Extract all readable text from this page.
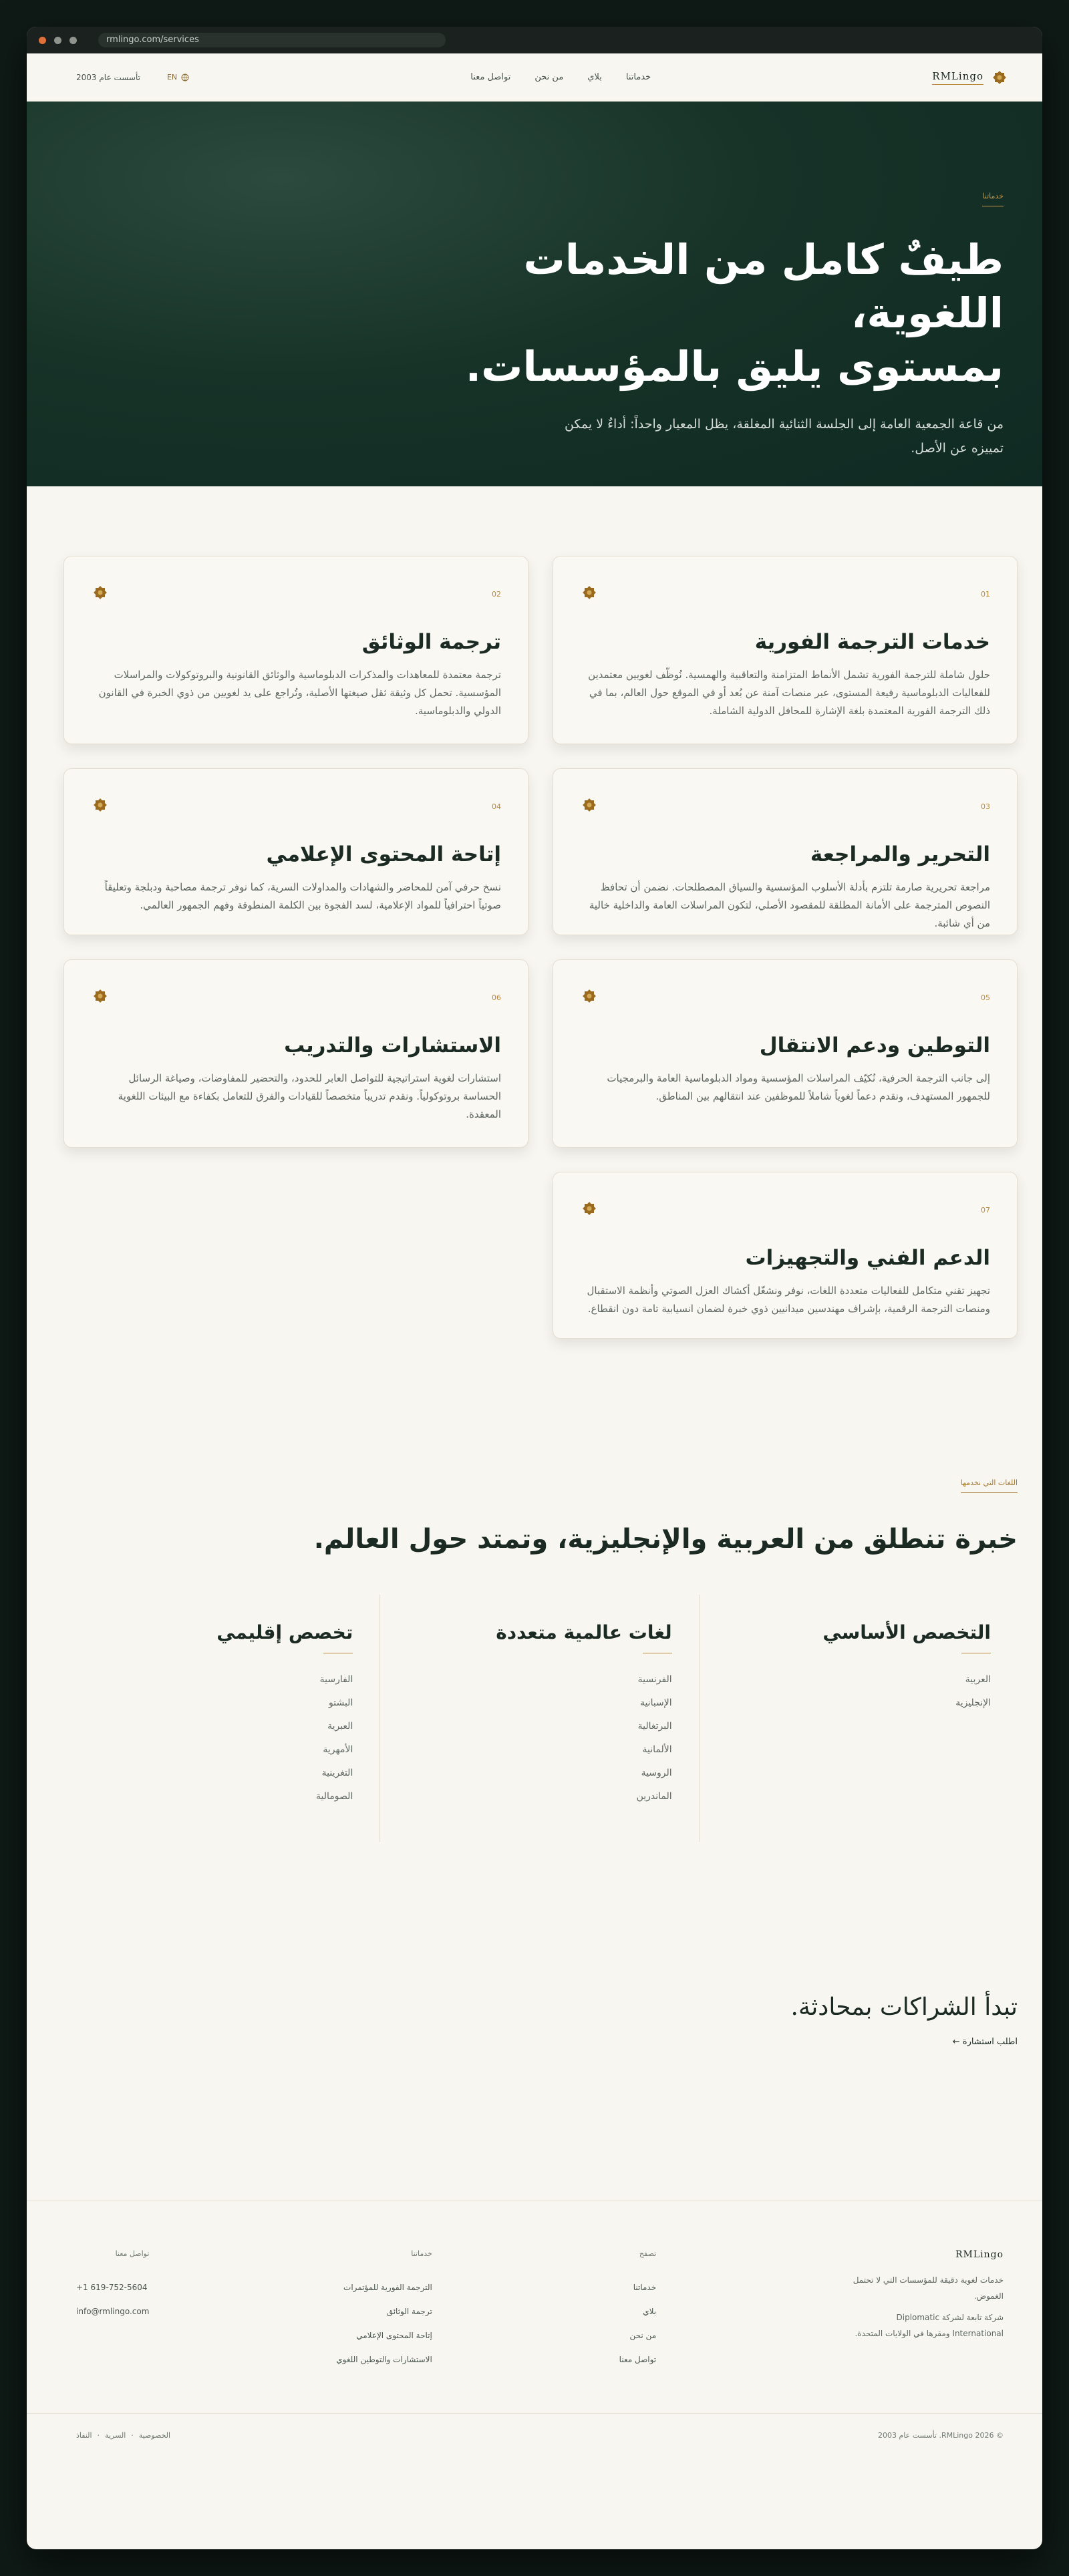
rmlingo.com/services
RMLingo
خدماتنا
بلاي
من نحن
تواصل معنا
EN
تأسست عام 2003
خدماتنا
طيفٌ كامل من الخدمات اللغوية،
بمستوى يليق بالمؤسسات.

من قاعة الجمعية العامة إلى الجلسة الثنائية المغلقة، يظل المعيار واحداً: أداءٌ لا يمكن تمييزه عن الأصل.

01
خدمات الترجمة الفورية

حلول شاملة للترجمة الفورية تشمل الأنماط المتزامنة والتعاقبية والهمسية. نُوظّف لغويين معتمدين للفعاليات الدبلوماسية رفيعة المستوى، عبر منصات آمنة عن بُعد أو في الموقع حول العالم، بما في ذلك الترجمة الفورية المعتمدة بلغة الإشارة للمحافل الدولية الشاملة.

02
ترجمة الوثائق

ترجمة معتمدة للمعاهدات والمذكرات الدبلوماسية والوثائق القانونية والبروتوكولات والمراسلات المؤسسية. تحمل كل وثيقة ثقل صيغتها الأصلية، وتُراجع على يد لغويين من ذوي الخبرة في القانون الدولي والدبلوماسية.

03
التحرير والمراجعة

مراجعة تحريرية صارمة تلتزم بأدلة الأسلوب المؤسسية والسياق المصطلحات. نضمن أن تحافظ النصوص المترجمة على الأمانة المطلقة للمقصود الأصلي، لتكون المراسلات العامة والداخلية خالية من أي شائبة.

04
إتاحة المحتوى الإعلامي

نسخ حرفي آمن للمحاضر والشهادات والمداولات السرية، كما نوفر ترجمة مصاحبة ودبلجة وتعليقاً صوتياً احترافياً للمواد الإعلامية، لسد الفجوة بين الكلمة المنطوقة وفهم الجمهور العالمي.

05
التوطين ودعم الانتقال

إلى جانب الترجمة الحرفية، نُكيّف المراسلات المؤسسية ومواد الدبلوماسية العامة والبرمجيات للجمهور المستهدف، ونقدم دعماً لغوياً شاملاً للموظفين عند انتقالهم بين المناطق.

06
الاستشارات والتدريب

استشارات لغوية استراتيجية للتواصل العابر للحدود، والتحضير للمفاوضات، وصياغة الرسائل الحساسة بروتوكولياً. ونقدم تدريباً متخصصاً للقيادات والفرق للتعامل بكفاءة مع البيئات اللغوية المعقدة.

07
الدعم الفني والتجهيزات

تجهيز تقني متكامل للفعاليات متعددة اللغات، نوفر ونشغّل أكشاك العزل الصوتي وأنظمة الاستقبال ومنصات الترجمة الرقمية، بإشراف مهندسين ميدانيين ذوي خبرة لضمان انسيابية تامة دون انقطاع.

اللغات التي نخدمها
خبرة تنطلق من العربية والإنجليزية، وتمتد حول العالم.
التخصص الأساسي
العربية
الإنجليزية
لغات عالمية متعددة
الفرنسية
الإسبانية
البرتغالية
الألمانية
الروسية
الماندرين
تخصص إقليمي
الفارسية
البشتو
العبرية
الأمهرية
التغرينية
الصومالية
تبدأ الشراكات بمحادثة.
اطلب استشارة ←
RMLingo

خدمات لغوية دقيقة للمؤسسات التي لا تحتمل الغموض.

شركة تابعة لشركة Diplomatic International ومقرها في الولايات المتحدة.

تصفح
خدماتنا
بلاي
من نحن
تواصل معنا
خدماتنا
الترجمة الفورية للمؤتمرات
ترجمة الوثائق
إتاحة المحتوى الإعلامي
الاستشارات والتوطين اللغوي
تواصل معنا
+1 619-752-5604
info@rmlingo.com
© 2026 RMLingo. تأسست عام 2003
الخصوصية
·
السرية
·
النفاذ
